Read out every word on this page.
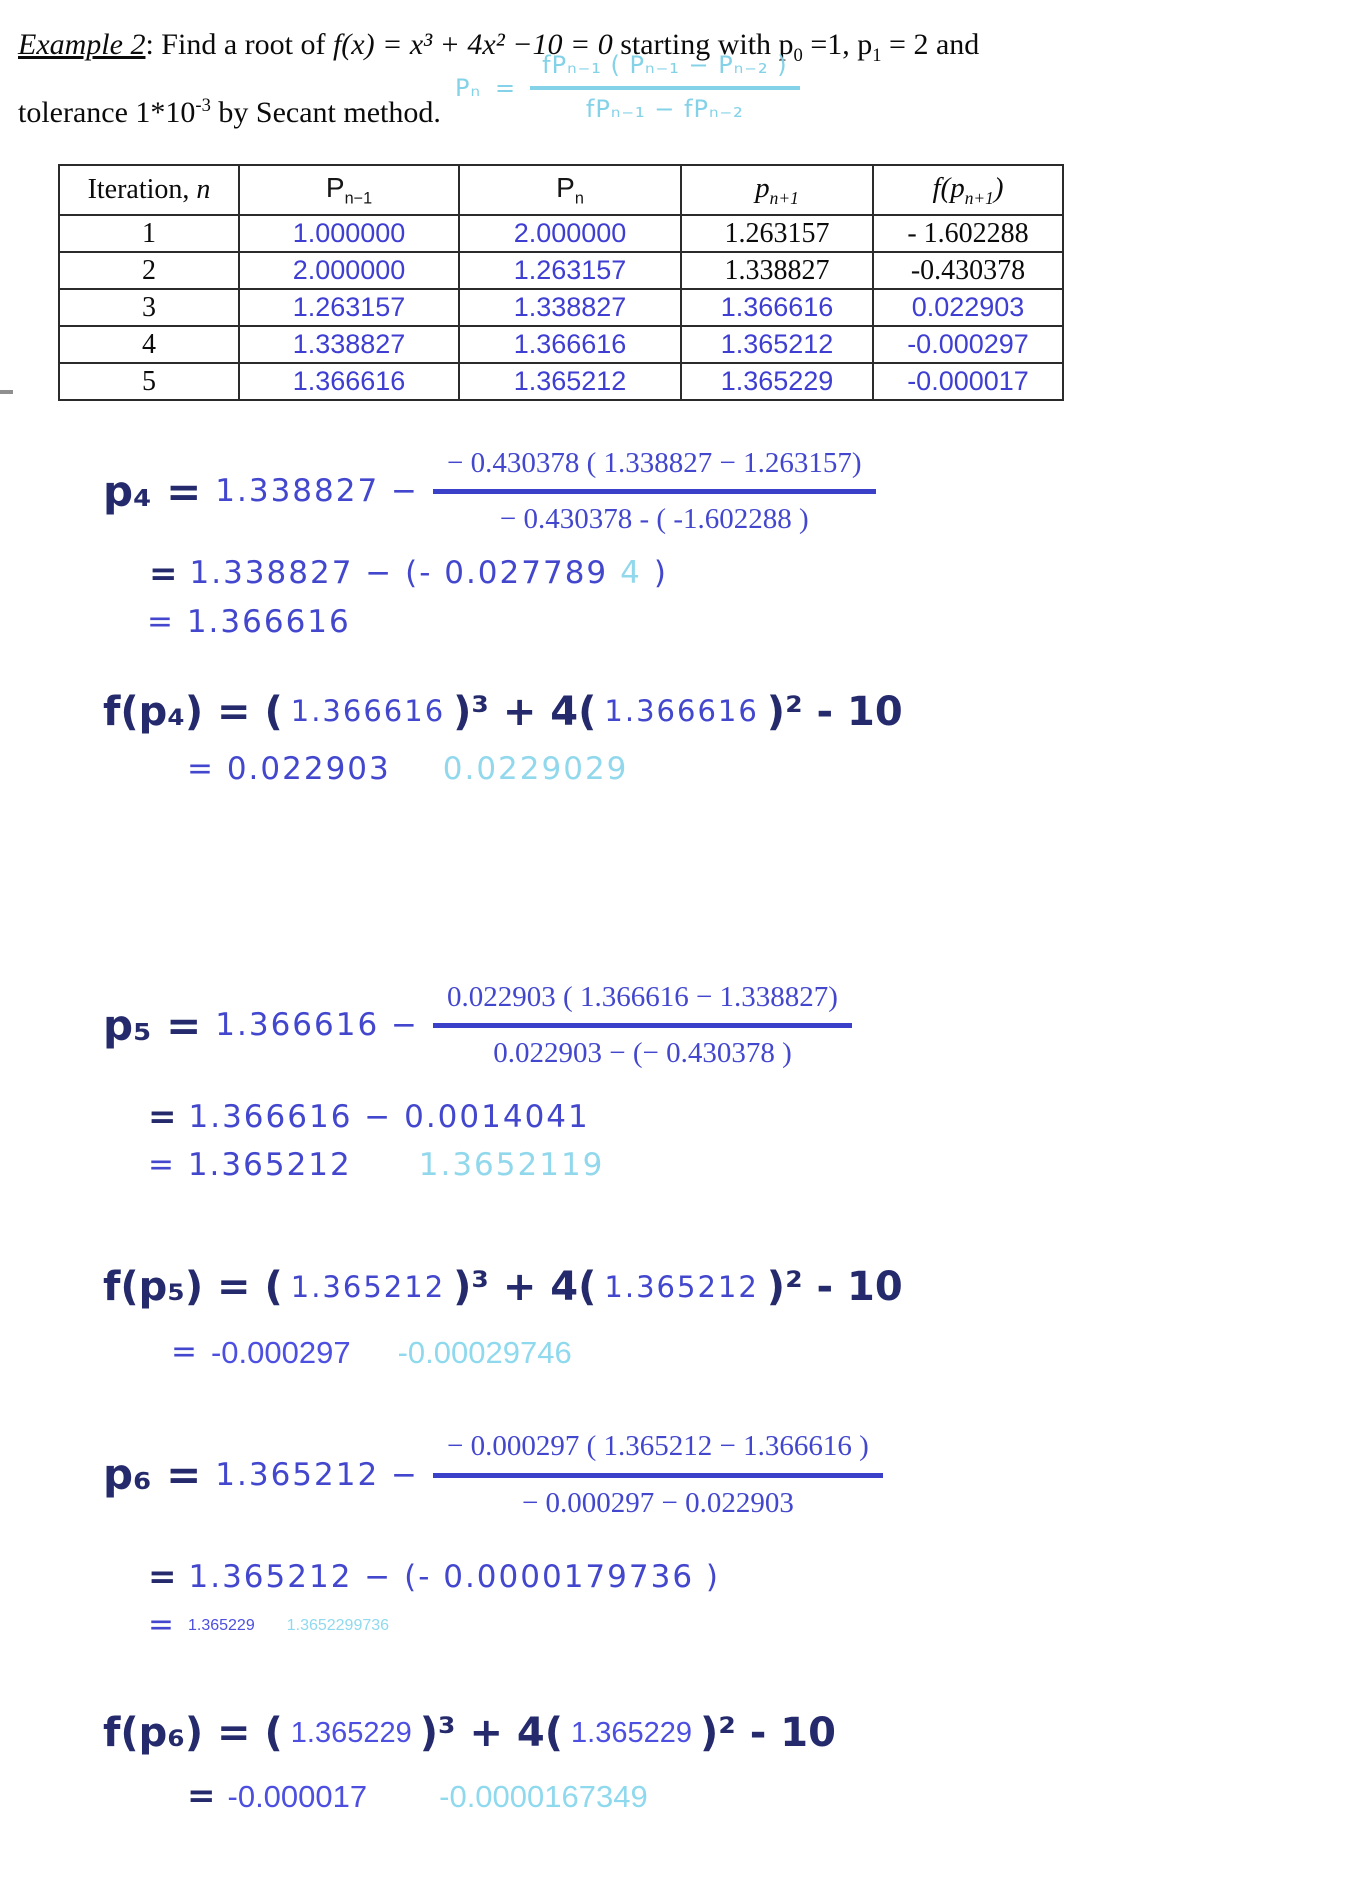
Example 2: Find a root of f(x) = x³ + 4x² −10 = 0 starting with $p_0 =1$, $p_1 = 2$ and
tolerance $1*10^{-3}$ by Secant method.
$P_n = \frac{\text{fPₙ₋₁ ( Pₙ₋₁ − Pₙ₋₂ )}}{\text{fPₙ₋₁ − fPₙ₋₂}}$
Iteration, n	$P_{n-1}$	$P_n$	$p_{n+1}$	$f(p_{n+1})$
1	1.000000	2.000000	1.263157	- 1.602288
2	2.000000	1.263157	1.338827	-0.430378
3	1.263157	1.338827	1.366616	0.022903
4	1.338827	1.366616	1.365212	-0.000297
5	1.366616	1.365212	1.365229	-0.000017
$p_4 = 1.338827 - \frac{- 0.430378 ( 1.338827 - 1.263157)}{- 0.430378 - ( -1.602288 )}$
= 1.338827 − (- 0.027789 4 )
= 1.366616
f(p₄) = ( 1.366616 )³ + 4( 1.366616 )² - 10
= 0.022903 0.0229029
$p_5 = 1.366616 - \frac{0.022903 ( 1.366616 - 1.338827)}{0.022903 - (- 0.430378 )}$
= 1.366616 − 0.0014041
= 1.365212 1.3652119
f(p₅) = ( 1.365212 )³ + 4( 1.365212 )² - 10
= -0.000297 -0.00029746
$p_6 = 1.365212 - \frac{- 0.000297 ( 1.365212 - 1.366616 )}{- 0.000297 - 0.022903}$
= 1.365212 − (- 0.0000179736 )
= 1.365229 1.3652299736
f(p₆) = ( 1.365229 )³ + 4( 1.365229 )² - 10
= -0.000017 -0.0000167349
